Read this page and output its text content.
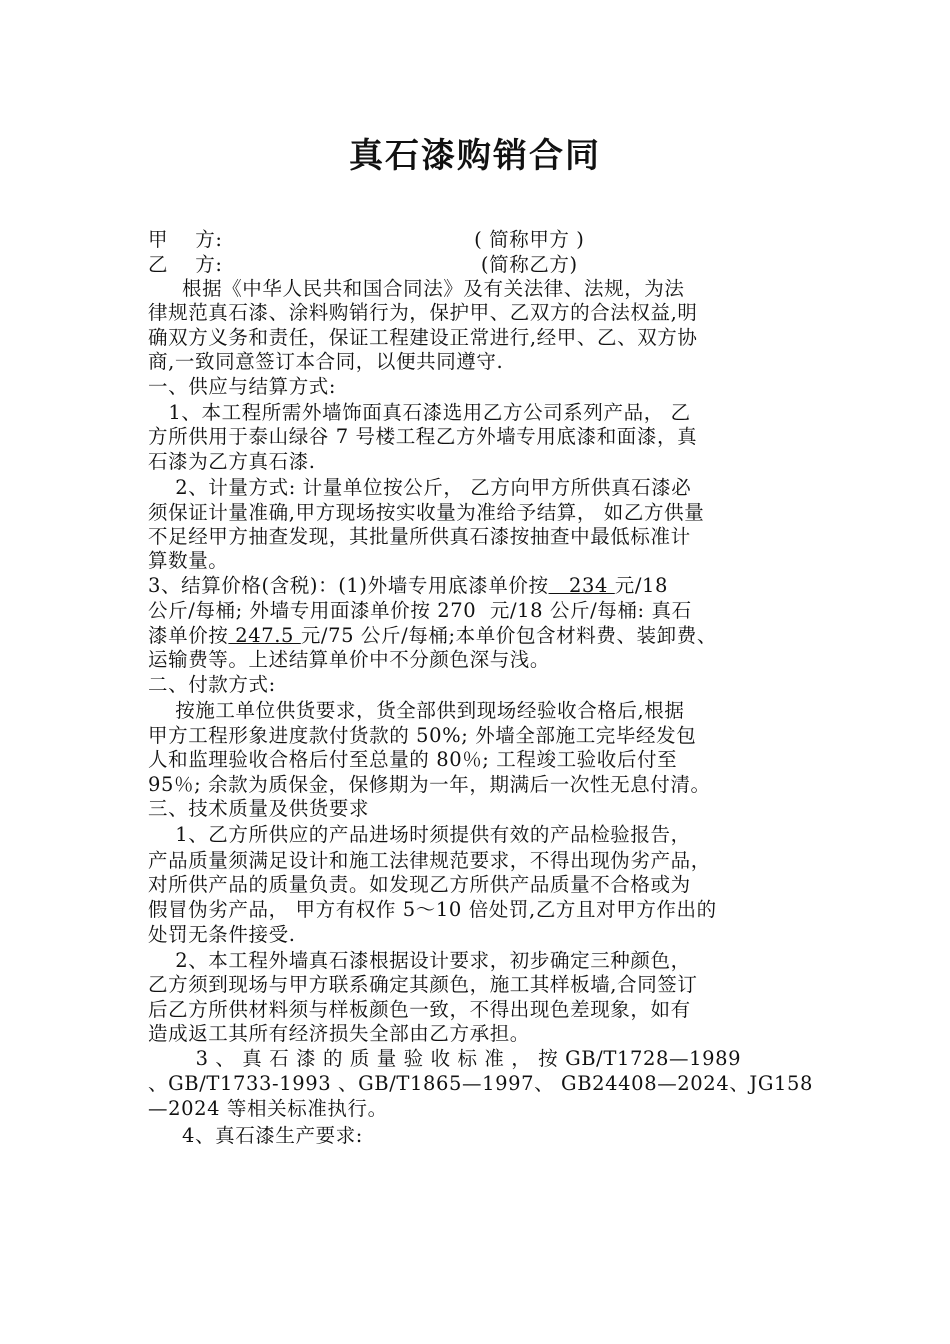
真石漆购销合同
甲    方:                                     ( 简称甲方 )
乙    方:                                      (简称乙方)
根据《中华人民共和国合同法》及有关法律、法规，为法
律规范真石漆、涂料购销行为，保护甲、乙双方的合法权益,明
确双方义务和责任，保证工程建设正常进行,经甲、乙、双方协
商,一致同意签订本合同，以便共同遵守.
一、供应与结算方式:
1、本工程所需外墙饰面真石漆选用乙方公司系列产品， 乙
方所供用于泰山绿谷 7 号楼工程乙方外墙专用底漆和面漆，真
石漆为乙方真石漆.
2、计量方式: 计量单位按公斤， 乙方向甲方所供真石漆必
须保证计量准确,甲方现场按实收量为准给予结算， 如乙方供量
不足经甲方抽查发现，其批量所供真石漆按抽查中最低标准计
算数量。
3、结算价格(含税)：(1)外墙专用底漆单价按   234 元/18
公斤/每桶; 外墙专用面漆单价按 270  元/18 公斤/每桶: 真石
漆单价按 247.5 元/75 公斤/每桶;本单价包含材料费、装卸费、
运输费等。上述结算单价中不分颜色深与浅。
二、付款方式:
按施工单位供货要求，货全部供到现场经验收合格后,根据
甲方工程形象进度款付货款的 50%; 外墙全部施工完毕经发包
人和监理验收合格后付至总量的 80％; 工程竣工验收后付至
95％; 余款为质保金，保修期为一年，期满后一次性无息付清。
三、技术质量及供货要求
1、乙方所供应的产品进场时须提供有效的产品检验报告，
产品质量须满足设计和施工法律规范要求，不得出现伪劣产品，
对所供产品的质量负责。如发现乙方所供产品质量不合格或为
假冒伪劣产品， 甲方有权作 5～10 倍处罚,乙方且对甲方作出的
处罚无条件接受.
2、本工程外墙真石漆根据设计要求，初步确定三种颜色，
乙方须到现场与甲方联系确定其颜色，施工其样板墙,合同签订
后乙方所供材料须与样板颜色一致，不得出现色差现象，如有
造成返工其所有经济损失全部由乙方承担。
3 、 真 石 漆 的 质 量 验 收 标 准 ， 按 GB/T1728—1989
、GB/T1733-1993 、GB/T1865—1997、 GB24408—2024、JG158
—2024 等相关标准执行。
4、真石漆生产要求:
